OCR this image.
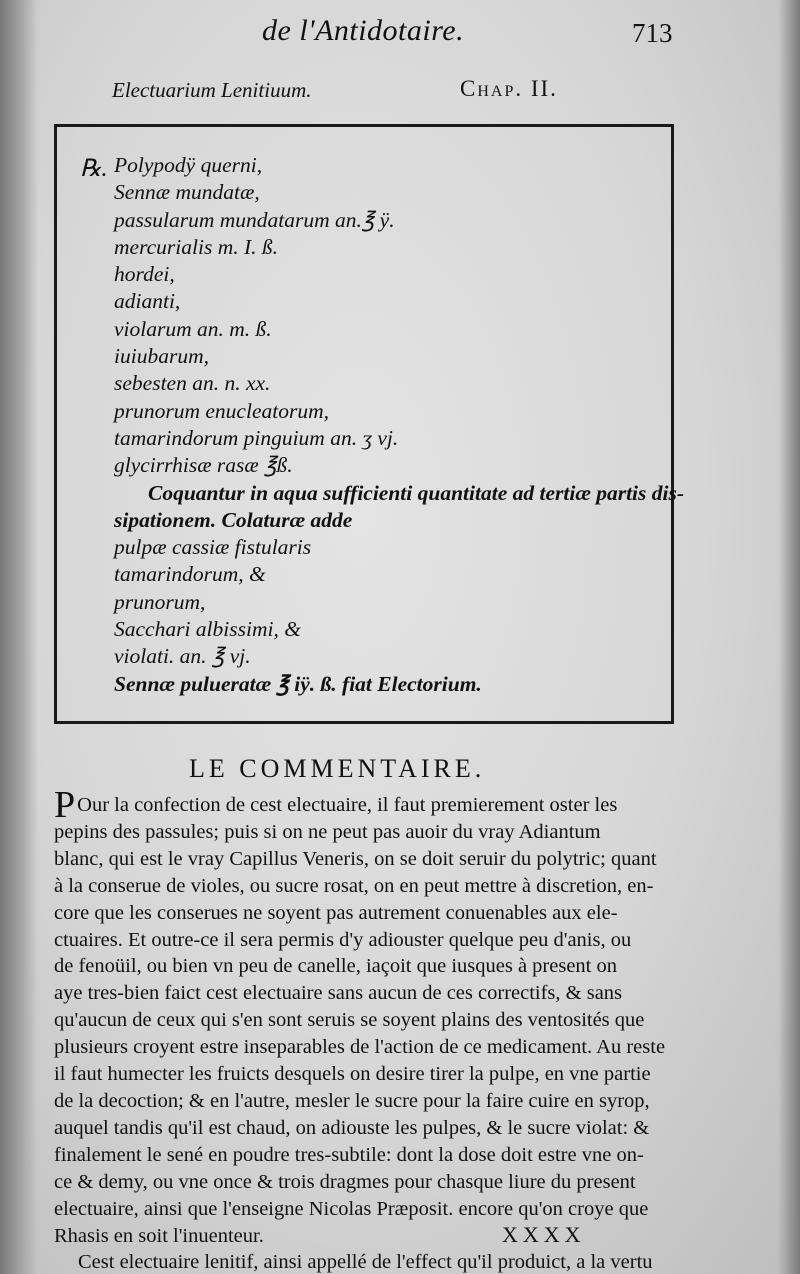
de l'Antidotaire.	713
Electuarium Lenitiuum.	Chap. II.
℞. Polypodÿ querni,
Sennæ mundatæ,
passularum mundatarum an.℥ ÿ.
mercurialis m. I. ß.
hordei,
adianti,
violarum an. m. ß.
iuiubarum,
sebesten an. n. xx.
prunorum enucleatorum,
tamarindorum pinguium an. ʒ vj.
glycirrhisæ rasæ ℥ß.
Coquantur in aqua sufficienti quantitate ad tertiæ partis dis-
sipationem. Colaturæ adde
pulpæ cassiæ fistularis
tamarindorum, &
prunorum,
Sacchari albissimi, &
violati. an. ℥ vj.
Sennæ pulueratæ ℥ iÿ. ß. fiat Electorium.
LE COMMENTAIRE.
POur la confection de cest electuaire, il faut premierement oster les
pepins des passules; puis si on ne peut pas auoir du vray Adiantum
blanc, qui est le vray Capillus Veneris, on se doit seruir du polytric; quant
à la conserue de violes, ou sucre rosat, on en peut mettre à discretion, en-
core que les conserues ne soyent pas autrement conuenables aux ele-
ctuaires. Et outre-ce il sera permis d'y adiouster quelque peu d'anis, ou
de fenoüil, ou bien vn peu de canelle, iaçoit que iusques à present on
aye tres-bien faict cest electuaire sans aucun de ces correctifs, & sans
qu'aucun de ceux qui s'en sont seruis se soyent plains des ventosités que
plusieurs croyent estre inseparables de l'action de ce medicament. Au reste
il faut humecter les fruicts desquels on desire tirer la pulpe, en vne partie
de la decoction; & en l'autre, mesler le sucre pour la faire cuire en syrop,
auquel tandis qu'il est chaud, on adiouste les pulpes, & le sucre violat: &
finalement le sené en poudre tres-subtile: dont la dose doit estre vne on-
ce & demy, ou vne once & trois dragmes pour chasque liure du present
electuaire, ainsi que l'enseigne Nicolas Præposit. encore qu'on croye que
Rhasis en soit l'inuenteur.
Cest electuaire lenitif, ainsi appellé de l'effect qu'il produict, a la vertu
XXXX
